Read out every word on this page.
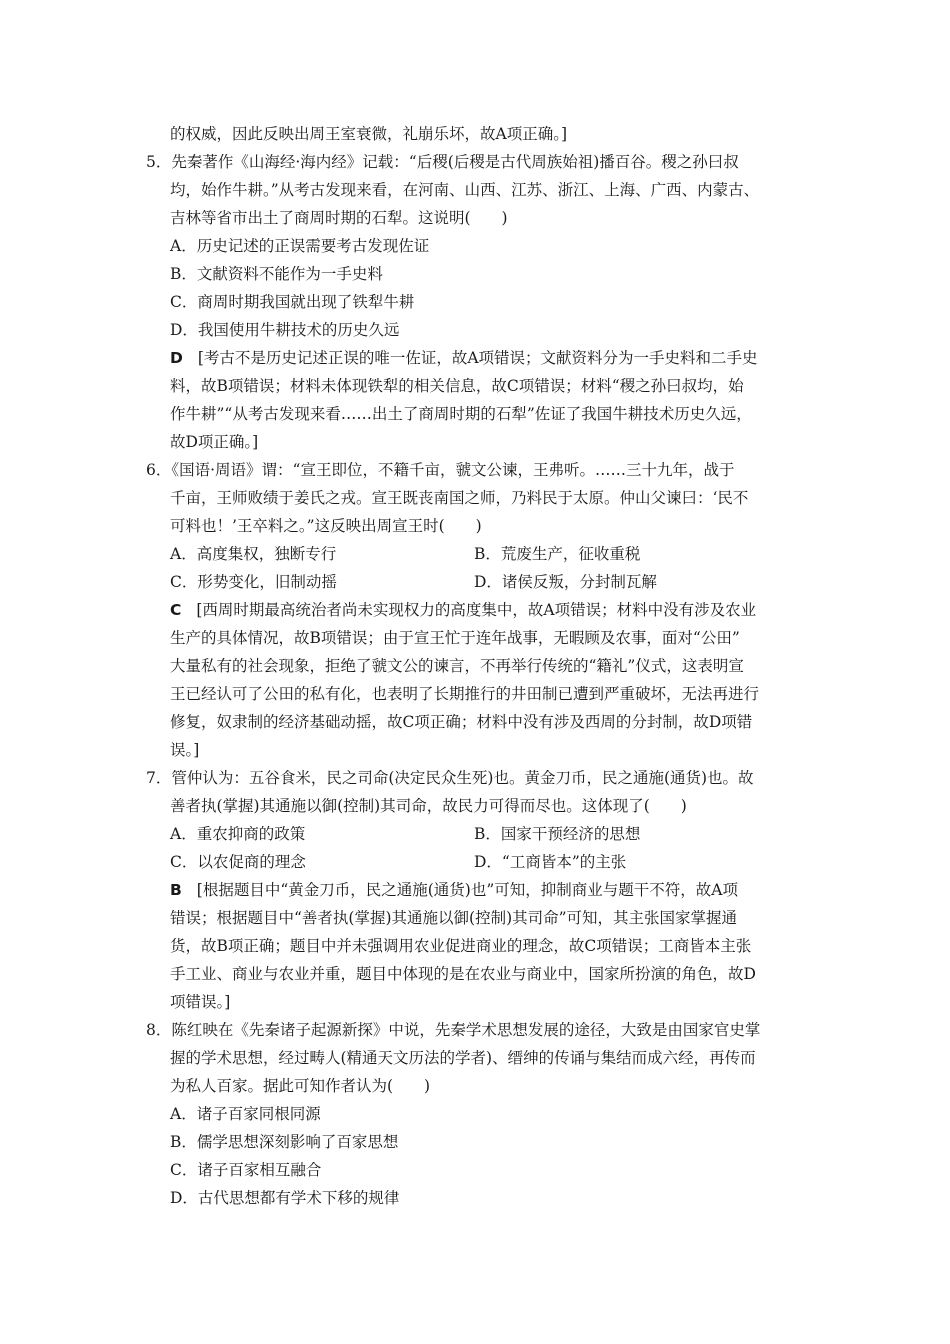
的权威，因此反映出周王室衰微，礼崩乐坏，故A项正确。]
5．先秦著作《山海经·海内经》记载：“后稷(后稷是古代周族始祖)播百谷。稷之孙曰叔
均，始作牛耕。”从考古发现来看，在河南、山西、江苏、浙江、上海、广西、内蒙古、
吉林等省市出土了商周时期的石犁。这说明(　　)
A．历史记述的正误需要考古发现佐证
B．文献资料不能作为一手史料
C．商周时期我国就出现了铁犁牛耕
D．我国使用牛耕技术的历史久远
D [考古不是历史记述正误的唯一佐证，故A项错误；文献资料分为一手史料和二手史
料，故B项错误；材料未体现铁犁的相关信息，故C项错误；材料“稷之孙曰叔均，始
作牛耕”“从考古发现来看……出土了商周时期的石犁”佐证了我国牛耕技术历史久远，
故D项正确。]
6．《国语·周语》谓：“宣王即位，不籍千亩，虢文公谏，王弗听。……三十九年，战于
千亩，王师败绩于姜氏之戎。宣王既丧南国之师，乃料民于太原。仲山父谏曰：‘民不
可料也！’王卒料之。”这反映出周宣王时(　　)
A．高度集权，独断专行	B．荒废生产，征收重税
C．形势变化，旧制动摇	D．诸侯反叛，分封制瓦解
C [西周时期最高统治者尚未实现权力的高度集中，故A项错误；材料中没有涉及农业
生产的具体情况，故B项错误；由于宣王忙于连年战事，无暇顾及农事，面对“公田”
大量私有的社会现象，拒绝了虢文公的谏言，不再举行传统的“籍礼”仪式，这表明宣
王已经认可了公田的私有化，也表明了长期推行的井田制已遭到严重破坏，无法再进行
修复，奴隶制的经济基础动摇，故C项正确；材料中没有涉及西周的分封制，故D项错
误。]
7．管仲认为：五谷食米，民之司命(决定民众生死)也。黄金刀币，民之通施(通货)也。故
善者执(掌握)其通施以御(控制)其司命，故民力可得而尽也。这体现了(　　)
A．重农抑商的政策	B．国家干预经济的思想
C．以农促商的理念	D．“工商皆本”的主张
B [根据题目中“黄金刀币，民之通施(通货)也”可知，抑制商业与题干不符，故A项
错误；根据题目中“善者执(掌握)其通施以御(控制)其司命”可知，其主张国家掌握通
货，故B项正确；题目中并未强调用农业促进商业的理念，故C项错误；工商皆本主张
手工业、商业与农业并重，题目中体现的是在农业与商业中，国家所扮演的角色，故D
项错误。]
8．陈红映在《先秦诸子起源新探》中说，先秦学术思想发展的途径，大致是由国家官史掌
握的学术思想，经过畴人(精通天文历法的学者)、缙绅的传诵与集结而成六经，再传而
为私人百家。据此可知作者认为(　　)
A．诸子百家同根同源
B．儒学思想深刻影响了百家思想
C．诸子百家相互融合
D．古代思想都有学术下移的规律
